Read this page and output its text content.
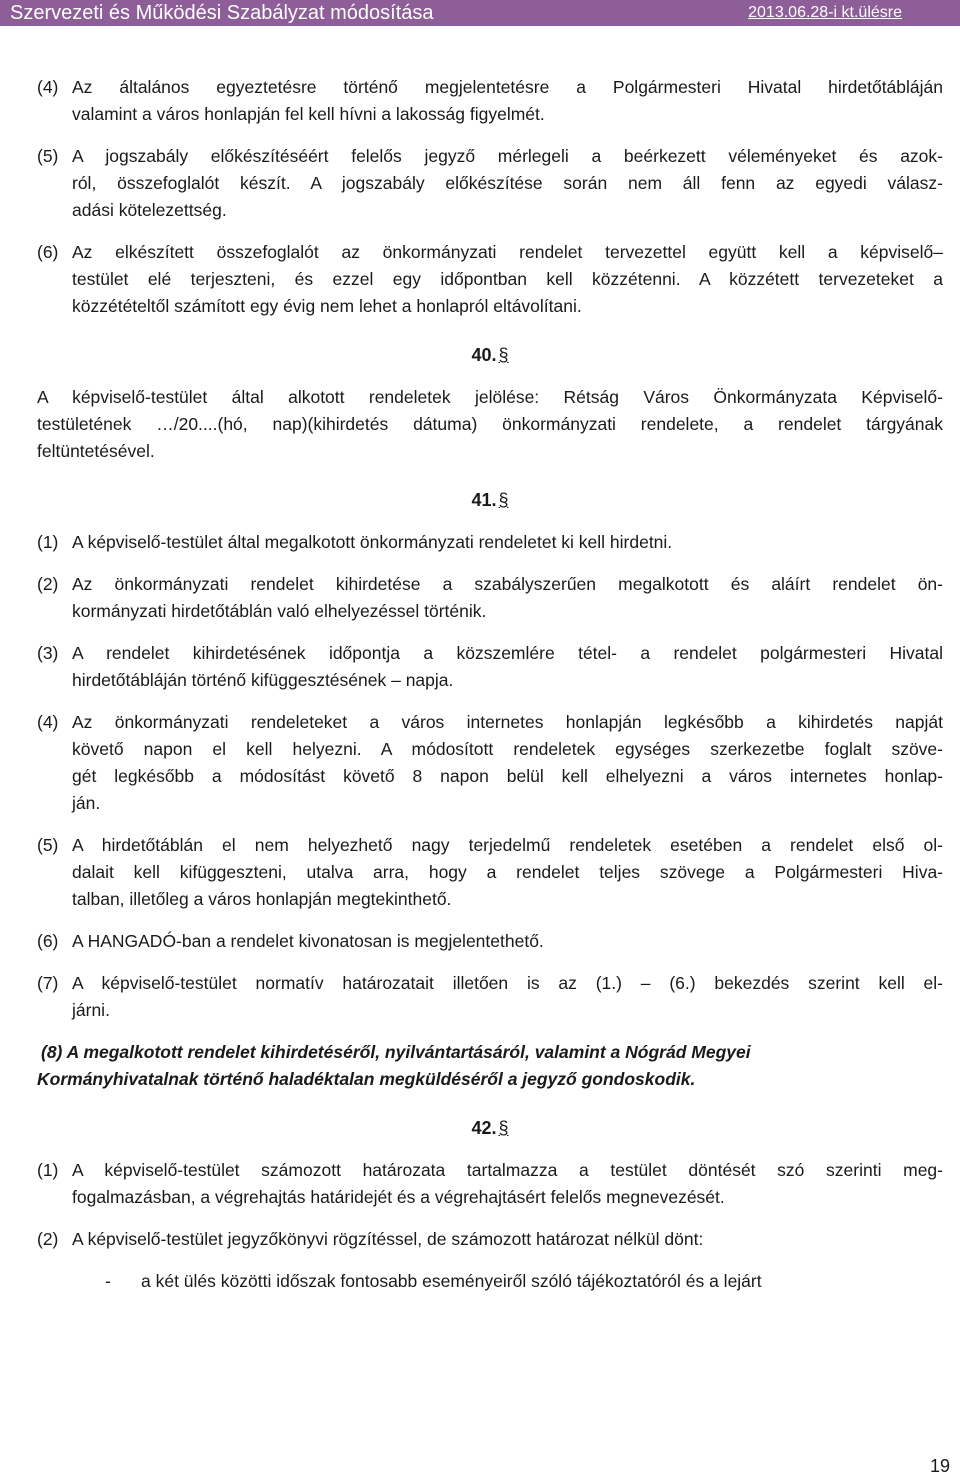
Szervezeti és Működési Szabályzat módosítása	2013.06.28-i kt.ülésre
(4) Az általános egyeztetésre történő megjelentetésre a Polgármesteri Hivatal hirdetőtábláján
valamint a város honlapján fel kell hívni a lakosság figyelmét.
(5) A jogszabály előkészítéséért felelős jegyző mérlegeli a beérkezett véleményeket és azok-
ról, összefoglalót készít. A jogszabály előkészítése során nem áll fenn az egyedi válasz-
adási kötelezettség.
(6) Az elkészített összefoglalót az önkormányzati rendelet tervezettel együtt kell a képviselő–
testület elé terjeszteni, és ezzel egy időpontban kell közzétenni. A közzétett tervezeteket a
közzétételtől számított egy évig nem lehet a honlapról eltávolítani.
40. §
A képviselő-testület által alkotott rendeletek jelölése: Rétság Város Önkormányzata Képviselő-
testületének …/20....(hó, nap)(kihirdetés dátuma) önkormányzati rendelete, a rendelet tárgyának
feltüntetésével.
41. §
(1) A képviselő-testület által megalkotott önkormányzati rendeletet ki kell hirdetni.
(2) Az önkormányzati rendelet kihirdetése a szabályszerűen megalkotott és aláírt rendelet ön-
kormányzati hirdetőtáblán való elhelyezéssel történik.
(3) A rendelet kihirdetésének időpontja a közszemlére tétel- a rendelet polgármesteri Hivatal
hirdetőtábláján történő kifüggesztésének – napja.
(4) Az önkormányzati rendeleteket a város internetes honlapján legkésőbb a kihirdetés napját
követő napon el kell helyezni. A módosított rendeletek egységes szerkezetbe foglalt szöve-
gét legkésőbb a módosítást követő 8 napon belül kell elhelyezni a város internetes honlap-
ján.
(5) A hirdetőtáblán el nem helyezhető nagy terjedelmű rendeletek esetében a rendelet első ol-
dalait kell kifüggeszteni, utalva arra, hogy a rendelet teljes szövege a Polgármesteri Hiva-
talban, illetőleg a város honlapján megtekinthető.
(6) A HANGADÓ-ban a rendelet kivonatosan is megjelentethető.
(7) A képviselő-testület normatív határozatait illetően is az (1.) – (6.) bekezdés szerint kell el-
járni.
(8) A megalkotott rendelet kihirdetéséről, nyilvántartásáról, valamint a Nógrád Megyei
Kormányhivatalnak történő haladéktalan megküldéséről a jegyző gondoskodik.
42. §
(1) A képviselő-testület számozott határozata tartalmazza a testület döntését szó szerinti meg-
fogalmazásban, a végrehajtás határidejét és a végrehajtásért felelős megnevezését.
(2) A képviselő-testület jegyzőkönyvi rögzítéssel, de számozott határozat nélkül dönt:
-	a két ülés közötti időszak fontosabb eseményeiről szóló tájékoztatóról és a lejárt
19
